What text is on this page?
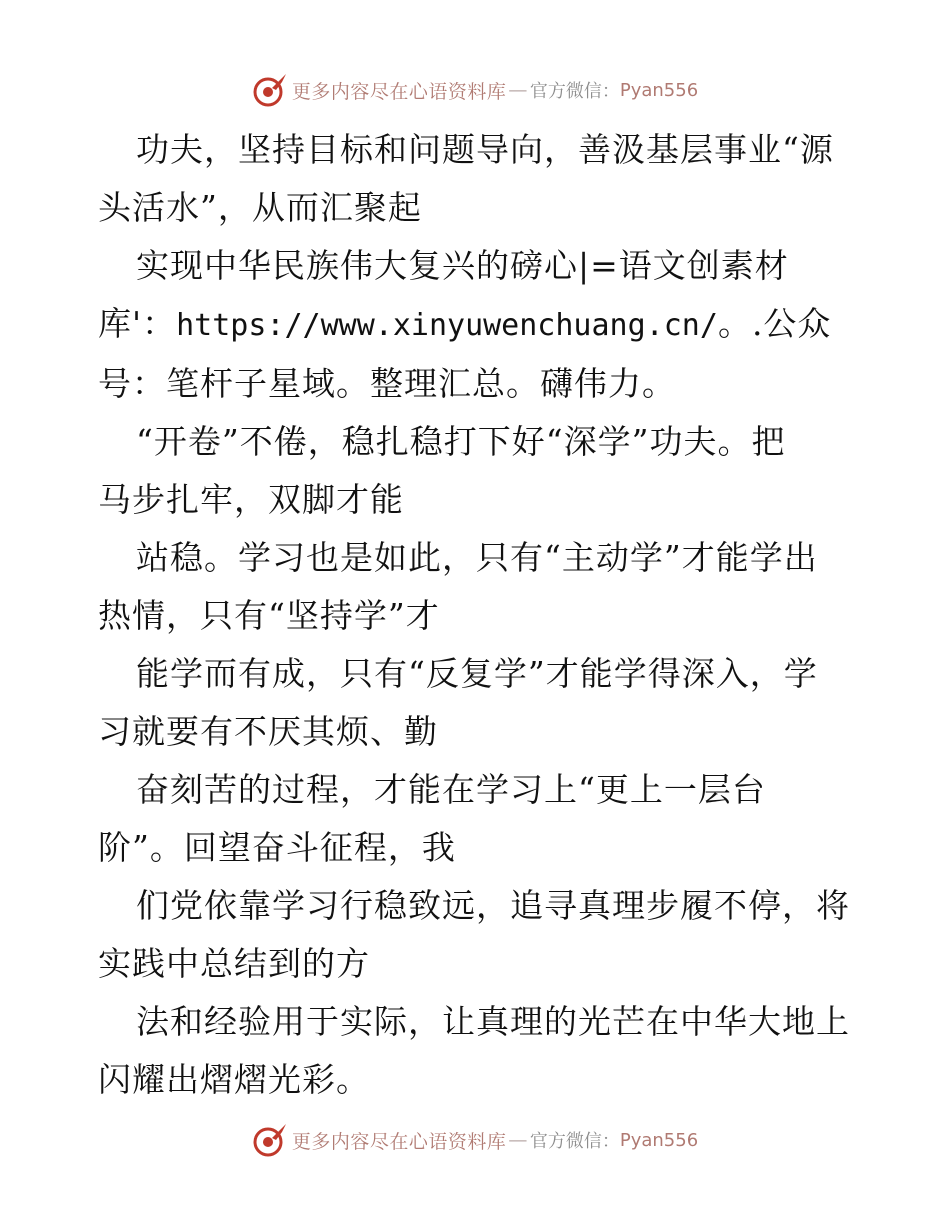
更多内容尽在心语资料库 — 官方微信： Pyan556

功夫，坚持目标和问题导向，善汲基层事业“源
头活水”，从而汇聚起

实现中华民族伟大复兴的磅心|=语文创素材
库'：https://www.xinyuwenchuang.cn/。.公众
号：笔杆子星域。整理汇总。礴伟力。

“开卷”不倦，稳扎稳打下好“深学”功夫。把
马步扎牢，双脚才能

站稳。学习也是如此，只有“主动学”才能学出
热情，只有“坚持学”才

能学而有成，只有“反复学”才能学得深入，学
习就要有不厌其烦、勤

奋刻苦的过程，才能在学习上“更上一层台
阶”。回望奋斗征程，我

们党依靠学习行稳致远，追寻真理步履不停，将
实践中总结到的方

法和经验用于实际，让真理的光芒在中华大地上
闪耀出熠熠光彩。

更多内容尽在心语资料库 — 官方微信： Pyan556
